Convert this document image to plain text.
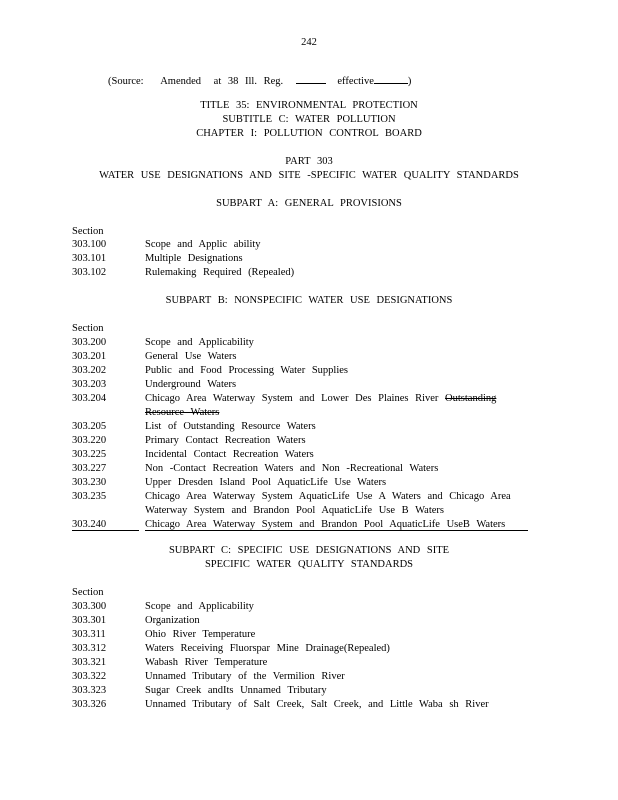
242
(Source: Amended at 38 Ill. Reg.	effective	)
TITLE 35: ENVIRONMENTAL PROTECTION
SUBTITLE C: WATER POLLUTION
CHAPTER I: POLLUTION CONTROL BOARD
PART 303
WATER USE DESIGNATIONS AND SITE -SPECIFIC WATER QUALITY STANDARDS
SUBPART A: GENERAL PROVISIONS
Section
303.100	Scope and Applic ability
303.101	Multiple Designations
303.102	Rulemaking Required (Repealed)
SUBPART B: NONSPECIFIC WATER USE DESIGNATIONS
Section
303.200	Scope and Applicability
303.201	General Use Waters
303.202	Public and Food Processing Water Supplies
303.203	Underground Waters
303.204	Chicago Area Waterway System and Lower Des Plaines River Outstanding
Resource Waters
303.205	List of Outstanding Resource Waters
303.220	Primary Contact Recreation Waters
303.225	Incidental Contact Recreation Waters
303.227	Non -Contact Recreation Waters and Non -Recreational Waters
303.230	Upper Dresden Island Pool AquaticLife Use Waters
303.235	Chicago Area Waterway System AquaticLife Use A Waters and Chicago Area
Waterway System and Brandon Pool AquaticLife Use B Waters
303.240	Chicago Area Waterway System and Brandon Pool AquaticLife UseB Waters
SUBPART C: SPECIFIC USE DESIGNATIONS AND SITE
SPECIFIC WATER QUALITY STANDARDS
Section
303.300	Scope and Applicability
303.301	Organization
303.311	Ohio River Temperature
303.312	Waters Receiving Fluorspar Mine Drainage(Repealed)
303.321	Wabash River Temperature
303.322	Unnamed Tributary of the Vermilion River
303.323	Sugar Creek andIts Unnamed Tributary
303.326	Unnamed Tributary of Salt Creek, Salt Creek, and Little Waba sh River
